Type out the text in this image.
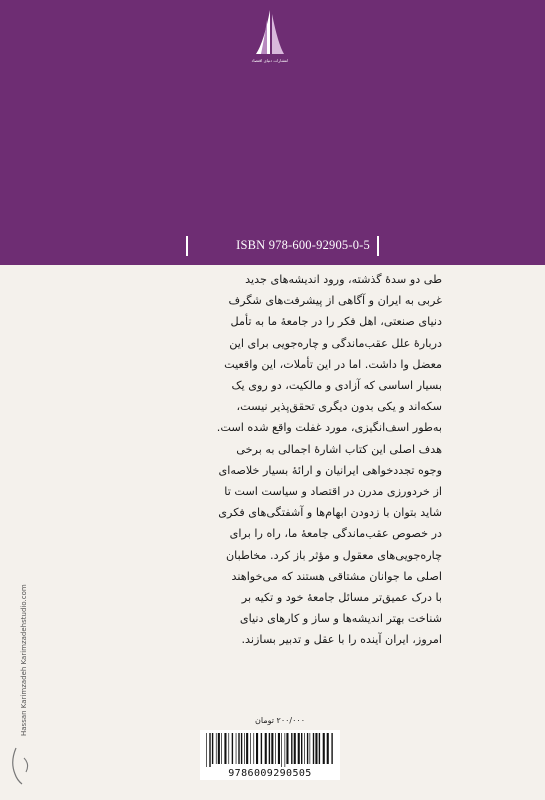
انتشارات دنیای اقتصاد
ISBN 978-600-92905-0-5

طی دو سدهٔ گذشته، ورود اندیشه‌های جدید
غربی به ایران و آگاهی از پیشرفت‌های شگرف
دنیای صنعتی، اهل فکر را در جامعهٔ ما به تأمل
دربارهٔ علل عقب‌ماندگی و چاره‌جویی برای این
معضل وا داشت. اما در این تأملات، این واقعیت
بسیار اساسی که آزادی و مالکیت، دو روی یک
سکه‌اند و یکی بدون دیگری تحقق‌پذیر نیست،
به‌طور اسف‌انگیزی، مورد غفلت واقع شده است.
هدف اصلی این کتاب اشارهٔ اجمالی به برخی
وجوه تجددخواهی ایرانیان و ارائهٔ بسیار خلاصه‌ای
از خردورزی مدرن در اقتصاد و سیاست است تا
شاید بتوان با زدودن ابهام‌ها و آشفتگی‌های فکری
در خصوص عقب‌ماندگی جامعهٔ ما، راه را برای
چاره‌جویی‌های معقول و مؤثر باز کرد. مخاطبان
اصلی ما جوانان مشتاقی هستند که می‌خواهند
با درک عمیق‌تر مسائل جامعهٔ خود و تکیه بر
شناخت بهتر اندیشه‌ها و ساز و کارهای دنیای
امروز، ایران آینده را با عقل و تدبیر بسازند.

۲۰۰/۰۰۰ تومان
9786009290505
Hassan Karimzadeh Karimzadehstudio.com
